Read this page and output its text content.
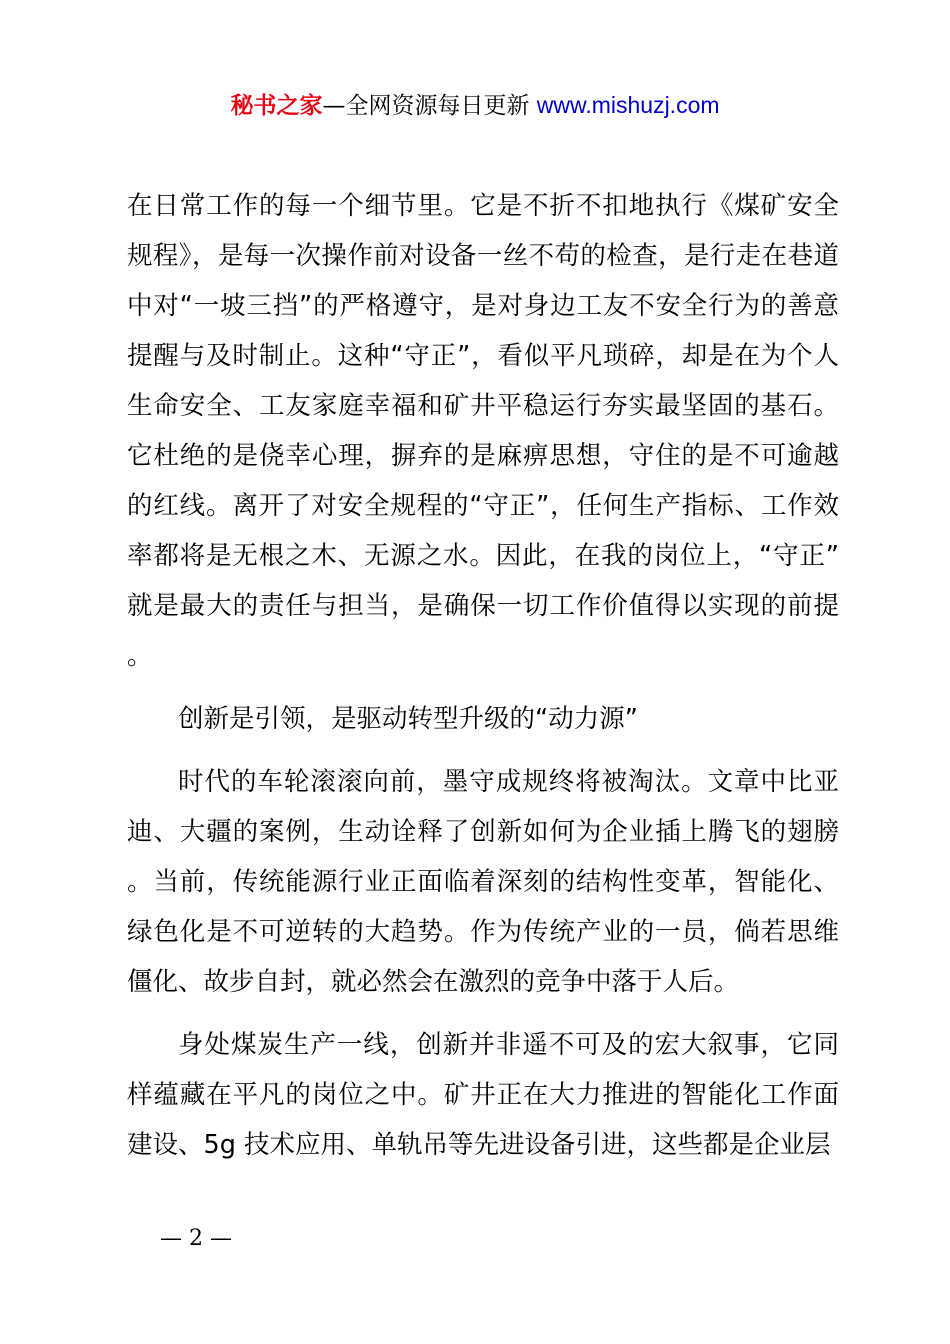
秘书之家—全网资源每日更新 www.mishuzj.com

在日常工作的每一个细节里。它是不折不扣地执行《煤矿安全规程》，是每一次操作前对设备一丝不苟的检查，是行走在巷道中对“一坡三挡”的严格遵守，是对身边工友不安全行为的善意提醒与及时制止。这种“守正”，看似平凡琐碎，却是在为个人生命安全、工友家庭幸福和矿井平稳运行夯实最坚固的基石。它杜绝的是侥幸心理，摒弃的是麻痹思想，守住的是不可逾越的红线。离开了对安全规程的“守正”，任何生产指标、工作效率都将是无根之木、无源之水。因此，在我的岗位上，“守正”就是最大的责任与担当，是确保一切工作价值得以实现的前提。

创新是引领，是驱动转型升级的“动力源”

时代的车轮滚滚向前，墨守成规终将被淘汰。文章中比亚迪、大疆的案例，生动诠释了创新如何为企业插上腾飞的翅膀。当前，传统能源行业正面临着深刻的结构性变革，智能化、绿色化是不可逆转的大趋势。作为传统产业的一员，倘若思维僵化、故步自封，就必然会在激烈的竞争中落于人后。

身处煤炭生产一线，创新并非遥不可及的宏大叙事，它同样蕴藏在平凡的岗位之中。矿井正在大力推进的智能化工作面建设、5g 技术应用、单轨吊等先进设备引进，这些都是企业层

— 2 —
